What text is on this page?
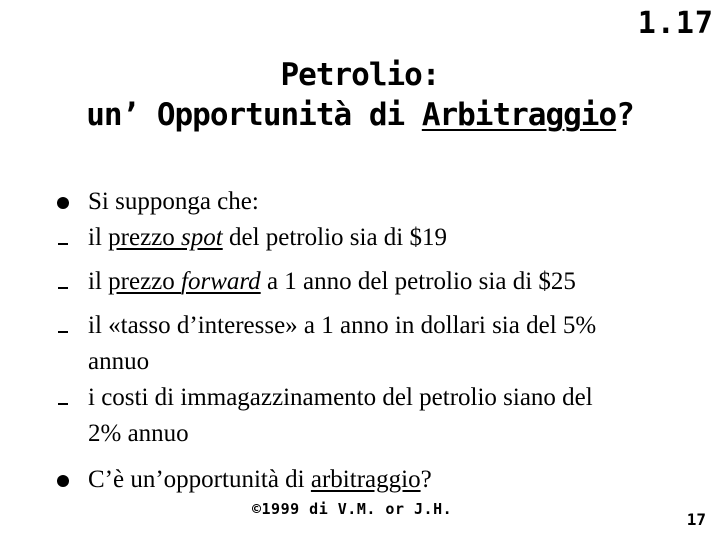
1.17
Petrolio:
un’ Opportunità di Arbitraggio?
Si supponga che:
il prezzo spot del petrolio sia di $19
il prezzo forward a 1 anno del petrolio sia di $25
il «tasso d’interesse» a 1 anno in dollari sia del 5%
annuo
i costi di immagazzinamento del petrolio siano del
2% annuo
C’è un’opportunità di arbitraggio?
©1999 di V.M. or J.H.
17
